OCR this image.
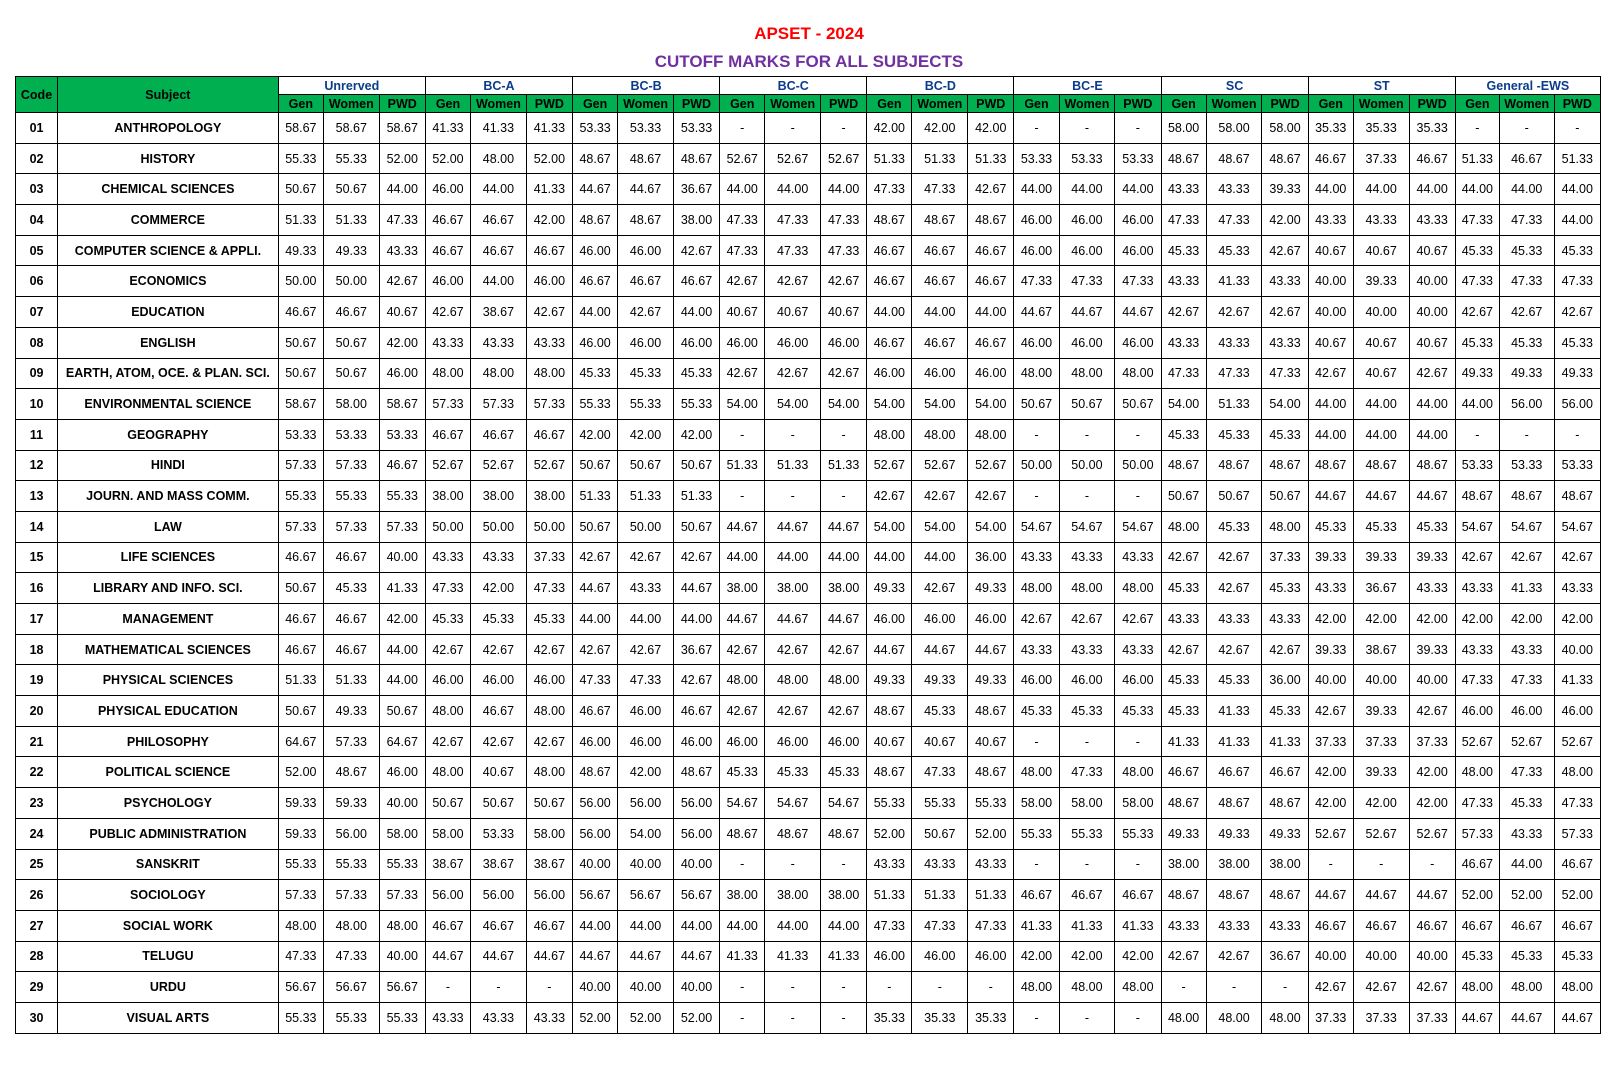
APSET - 2024
CUTOFF MARKS FOR ALL SUBJECTS
Code	Subject	Unrerved			BC-A			BC-B			BC-C			BC-D			BC-E			SC			ST			General -EWS		
		Gen	Women	PWD	Gen	Women	PWD	Gen	Women	PWD	Gen	Women	PWD	Gen	Women	PWD	Gen	Women	PWD	Gen	Women	PWD	Gen	Women	PWD	Gen	Women	PWD
01	ANTHROPOLOGY	58.67	58.67	58.67	41.33	41.33	41.33	53.33	53.33	53.33	-	-	-	42.00	42.00	42.00	-	-	-	58.00	58.00	58.00	35.33	35.33	35.33	-	-	-
02	HISTORY	55.33	55.33	52.00	52.00	48.00	52.00	48.67	48.67	48.67	52.67	52.67	52.67	51.33	51.33	51.33	53.33	53.33	53.33	48.67	48.67	48.67	46.67	37.33	46.67	51.33	46.67	51.33
03	CHEMICAL SCIENCES	50.67	50.67	44.00	46.00	44.00	41.33	44.67	44.67	36.67	44.00	44.00	44.00	47.33	47.33	42.67	44.00	44.00	44.00	43.33	43.33	39.33	44.00	44.00	44.00	44.00	44.00	44.00
04	COMMERCE	51.33	51.33	47.33	46.67	46.67	42.00	48.67	48.67	38.00	47.33	47.33	47.33	48.67	48.67	48.67	46.00	46.00	46.00	47.33	47.33	42.00	43.33	43.33	43.33	47.33	47.33	44.00
05	COMPUTER SCIENCE & APPLI.	49.33	49.33	43.33	46.67	46.67	46.67	46.00	46.00	42.67	47.33	47.33	47.33	46.67	46.67	46.67	46.00	46.00	46.00	45.33	45.33	42.67	40.67	40.67	40.67	45.33	45.33	45.33
06	ECONOMICS	50.00	50.00	42.67	46.00	44.00	46.00	46.67	46.67	46.67	42.67	42.67	42.67	46.67	46.67	46.67	47.33	47.33	47.33	43.33	41.33	43.33	40.00	39.33	40.00	47.33	47.33	47.33
07	EDUCATION	46.67	46.67	40.67	42.67	38.67	42.67	44.00	42.67	44.00	40.67	40.67	40.67	44.00	44.00	44.00	44.67	44.67	44.67	42.67	42.67	42.67	40.00	40.00	40.00	42.67	42.67	42.67
08	ENGLISH	50.67	50.67	42.00	43.33	43.33	43.33	46.00	46.00	46.00	46.00	46.00	46.00	46.67	46.67	46.67	46.00	46.00	46.00	43.33	43.33	43.33	40.67	40.67	40.67	45.33	45.33	45.33
09	EARTH, ATOM, OCE. & PLAN. SCI.	50.67	50.67	46.00	48.00	48.00	48.00	45.33	45.33	45.33	42.67	42.67	42.67	46.00	46.00	46.00	48.00	48.00	48.00	47.33	47.33	47.33	42.67	40.67	42.67	49.33	49.33	49.33
10	ENVIRONMENTAL SCIENCE	58.67	58.00	58.67	57.33	57.33	57.33	55.33	55.33	55.33	54.00	54.00	54.00	54.00	54.00	54.00	50.67	50.67	50.67	54.00	51.33	54.00	44.00	44.00	44.00	44.00	56.00	56.00
11	GEOGRAPHY	53.33	53.33	53.33	46.67	46.67	46.67	42.00	42.00	42.00	-	-	-	48.00	48.00	48.00	-	-	-	45.33	45.33	45.33	44.00	44.00	44.00	-	-	-
12	HINDI	57.33	57.33	46.67	52.67	52.67	52.67	50.67	50.67	50.67	51.33	51.33	51.33	52.67	52.67	52.67	50.00	50.00	50.00	48.67	48.67	48.67	48.67	48.67	48.67	53.33	53.33	53.33
13	JOURN. AND MASS COMM.	55.33	55.33	55.33	38.00	38.00	38.00	51.33	51.33	51.33	-	-	-	42.67	42.67	42.67	-	-	-	50.67	50.67	50.67	44.67	44.67	44.67	48.67	48.67	48.67
14	LAW	57.33	57.33	57.33	50.00	50.00	50.00	50.67	50.00	50.67	44.67	44.67	44.67	54.00	54.00	54.00	54.67	54.67	54.67	48.00	45.33	48.00	45.33	45.33	45.33	54.67	54.67	54.67
15	LIFE SCIENCES	46.67	46.67	40.00	43.33	43.33	37.33	42.67	42.67	42.67	44.00	44.00	44.00	44.00	44.00	36.00	43.33	43.33	43.33	42.67	42.67	37.33	39.33	39.33	39.33	42.67	42.67	42.67
16	LIBRARY AND INFO. SCI.	50.67	45.33	41.33	47.33	42.00	47.33	44.67	43.33	44.67	38.00	38.00	38.00	49.33	42.67	49.33	48.00	48.00	48.00	45.33	42.67	45.33	43.33	36.67	43.33	43.33	41.33	43.33
17	MANAGEMENT	46.67	46.67	42.00	45.33	45.33	45.33	44.00	44.00	44.00	44.67	44.67	44.67	46.00	46.00	46.00	42.67	42.67	42.67	43.33	43.33	43.33	42.00	42.00	42.00	42.00	42.00	42.00
18	MATHEMATICAL SCIENCES	46.67	46.67	44.00	42.67	42.67	42.67	42.67	42.67	36.67	42.67	42.67	42.67	44.67	44.67	44.67	43.33	43.33	43.33	42.67	42.67	42.67	39.33	38.67	39.33	43.33	43.33	40.00
19	PHYSICAL SCIENCES	51.33	51.33	44.00	46.00	46.00	46.00	47.33	47.33	42.67	48.00	48.00	48.00	49.33	49.33	49.33	46.00	46.00	46.00	45.33	45.33	36.00	40.00	40.00	40.00	47.33	47.33	41.33
20	PHYSICAL EDUCATION	50.67	49.33	50.67	48.00	46.67	48.00	46.67	46.00	46.67	42.67	42.67	42.67	48.67	45.33	48.67	45.33	45.33	45.33	45.33	41.33	45.33	42.67	39.33	42.67	46.00	46.00	46.00
21	PHILOSOPHY	64.67	57.33	64.67	42.67	42.67	42.67	46.00	46.00	46.00	46.00	46.00	46.00	40.67	40.67	40.67	-	-	-	41.33	41.33	41.33	37.33	37.33	37.33	52.67	52.67	52.67
22	POLITICAL SCIENCE	52.00	48.67	46.00	48.00	40.67	48.00	48.67	42.00	48.67	45.33	45.33	45.33	48.67	47.33	48.67	48.00	47.33	48.00	46.67	46.67	46.67	42.00	39.33	42.00	48.00	47.33	48.00
23	PSYCHOLOGY	59.33	59.33	40.00	50.67	50.67	50.67	56.00	56.00	56.00	54.67	54.67	54.67	55.33	55.33	55.33	58.00	58.00	58.00	48.67	48.67	48.67	42.00	42.00	42.00	47.33	45.33	47.33
24	PUBLIC ADMINISTRATION	59.33	56.00	58.00	58.00	53.33	58.00	56.00	54.00	56.00	48.67	48.67	48.67	52.00	50.67	52.00	55.33	55.33	55.33	49.33	49.33	49.33	52.67	52.67	52.67	57.33	43.33	57.33
25	SANSKRIT	55.33	55.33	55.33	38.67	38.67	38.67	40.00	40.00	40.00	-	-	-	43.33	43.33	43.33	-	-	-	38.00	38.00	38.00	-	-	-	46.67	44.00	46.67
26	SOCIOLOGY	57.33	57.33	57.33	56.00	56.00	56.00	56.67	56.67	56.67	38.00	38.00	38.00	51.33	51.33	51.33	46.67	46.67	46.67	48.67	48.67	48.67	44.67	44.67	44.67	52.00	52.00	52.00
27	SOCIAL WORK	48.00	48.00	48.00	46.67	46.67	46.67	44.00	44.00	44.00	44.00	44.00	44.00	47.33	47.33	47.33	41.33	41.33	41.33	43.33	43.33	43.33	46.67	46.67	46.67	46.67	46.67	46.67
28	TELUGU	47.33	47.33	40.00	44.67	44.67	44.67	44.67	44.67	44.67	41.33	41.33	41.33	46.00	46.00	46.00	42.00	42.00	42.00	42.67	42.67	36.67	40.00	40.00	40.00	45.33	45.33	45.33
29	URDU	56.67	56.67	56.67	-	-	-	40.00	40.00	40.00	-	-	-	-	-	-	48.00	48.00	48.00	-	-	-	42.67	42.67	42.67	48.00	48.00	48.00
30	VISUAL ARTS	55.33	55.33	55.33	43.33	43.33	43.33	52.00	52.00	52.00	-	-	-	35.33	35.33	35.33	-	-	-	48.00	48.00	48.00	37.33	37.33	37.33	44.67	44.67	44.67
